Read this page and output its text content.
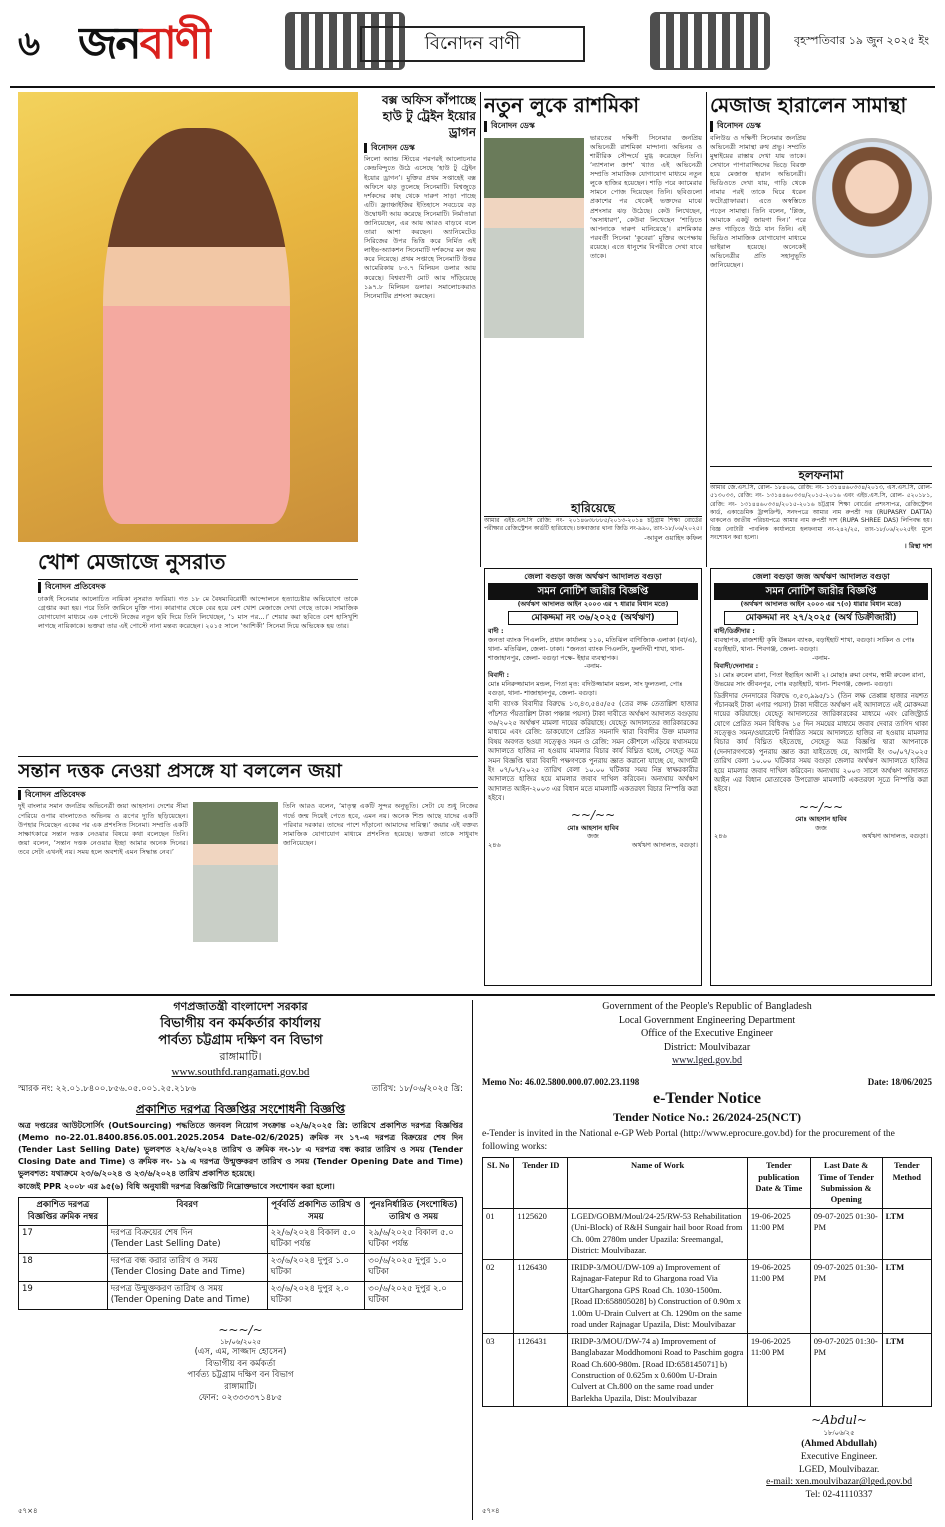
৬ জনবাণী	বিনোদন বাণী	বৃহস্পতিবার ১৯ জুন ২০২৫ ইং
খোশ মেজাজে নুসরাত
বিনোদন প্রতিবেদক
ঢাকাই সিনেমার আলোচিত নায়িকা নুসরাত ফারিয়া। গত ১৮ মে বৈষম্যবিরোধী আন্দোলনে হত্যাচেষ্টার অভিযোগে তাকে গ্রেপ্তার করা হয়। পরে তিনি জামিনে মুক্তি পান। কারাগার থেকে বের হয়ে বেশ খোশ মেজাজে দেখা গেছে তাকে। সামাজিক যোগাযোগ মাধ্যমে এক পোস্টে নিজের নতুন ছবি দিয়ে তিনি লিখেছেন, ‘১ মাস পর...।’ শেয়ার করা ছবিতে বেশ হাসিখুশি লাগছে নায়িকাকে। ভক্তরা তার এই পোস্টে নানা মন্তব্য করেছেন। ২০১৫ সালে ‘আশিকী’ সিনেমা দিয়ে অভিষেক হয় তার।
বক্স অফিস কাঁপাচ্ছে হাউ টু ট্রেইন ইয়োর ড্রাগন
বিনোদন ডেস্ক
লিলো অ্যান্ড স্টিচের পরপরই আলোচনার কেন্দ্রবিন্দুতে উঠে এসেছে ‘হাউ টু ট্রেইন ইয়োর ড্রাগন’। মুক্তির প্রথম সপ্তাহেই বক্স অফিসে ঝড় তুলেছে সিনেমাটি। বিশ্বজুড়ে দর্শকদের কাছ থেকে দারুণ সাড়া পাচ্ছে এটি। ফ্র্যাঞ্চাইজির ইতিহাসে সবচেয়ে বড় উদ্বোধনী আয় করেছে সিনেমাটি। নির্মাতারা জানিয়েছেন, এর আয় আরও বাড়বে বলে তারা আশা করছেন। অ্যানিমেটেড সিরিজের উপর ভিত্তি করে নির্মিত এই লাইভ-অ্যাকশন সিনেমাটি দর্শকদের মন জয় করে নিয়েছে। প্রথম সপ্তাহে সিনেমাটি উত্তর আমেরিকায় ৮৩.৭ মিলিয়ন ডলার আয় করেছে। বিশ্বব্যাপী মোট আয় দাঁড়িয়েছে ১৯৭.৮ মিলিয়ন ডলার। সমালোচকরাও সিনেমাটির প্রশংসা করছেন।
নতুন লুকে রাশমিকা
বিনোদন ডেস্ক
ভারতের দক্ষিণী সিনেমার জনপ্রিয় অভিনেত্রী রাশমিকা মান্দানা। অভিনয় ও শারীরিক সৌন্দর্যে মুগ্ধ করেছেন তিনি। ‘ন্যাশনাল ক্রাশ’ খ্যাত এই অভিনেত্রী সম্প্রতি সামাজিক যোগাযোগ মাধ্যমে নতুন লুকে হাজির হয়েছেন। শাড়ি পরে ক্যামেরার সামনে পোজ দিয়েছেন তিনি। ছবিগুলো প্রকাশের পর থেকেই ভক্তদের মাঝে প্রশংসার ঝড় উঠেছে। কেউ লিখেছেন, ‘অসাধারণ’, কেউবা লিখেছেন ‘শাড়িতে আপনাকে দারুণ মানিয়েছে’। রাশমিকার পরবর্তী সিনেমা ‘কুবেরা’ মুক্তির অপেক্ষায় রয়েছে। এতে ধানুশের বিপরীতে দেখা যাবে তাকে।
মেজাজ হারালেন সামান্থা
বিনোদন ডেস্ক
বলিউড ও দক্ষিণী সিনেমার জনপ্রিয় অভিনেত্রী সামান্থা রুথ প্রভু। সম্প্রতি মুম্বাইয়ের রাস্তায় দেখা যায় তাকে। সেখানে পাপারাজ্জিদের ভিড়ে বিরক্ত হয়ে মেজাজ হারান অভিনেত্রী। ভিডিওতে দেখা যায়, গাড়ি থেকে নামার পরই তাকে ঘিরে ধরেন ফটোগ্রাফাররা। এতে অস্বস্তিতে পড়েন সামান্থা। তিনি বলেন, ‘প্লিজ, আমাকে একটু জায়গা দিন।’ পরে দ্রুত গাড়িতে উঠে যান তিনি। এই ভিডিও সামাজিক যোগাযোগ মাধ্যমে ভাইরাল হয়েছে। অনেকেই অভিনেত্রীর প্রতি সহানুভূতি জানিয়েছেন।
হলফনামা
আমার জে.এস.সি, রোল- ১৮৪০৬, রেজি: নং- ১৩১৪৪৬০৩৩৪/২০১৩, এস.এস.সি, রোল- ৫১৩০৩৩, রেজি: নং- ১৩১৪৪৬০৩৩৪/২০১৫-২০১৬ এবং এইচ.এস.সি, রোল- ৫২০১৮১, রেজি: নং- ১৩১৪৪৬০৩৩৪/২০১৫-২০১৬ চট্টগ্রাম শিক্ষা বোর্ডের প্রশংসাপত্র, রেজিস্ট্রেশন কার্ড, একাডেমিক ট্রান্সক্রিপ্ট, সনদপত্রে আমার নাম রুপশ্রী দত্ত (RUPASRY DATTA) থাকলেও জাতীয় পরিচয়পত্রে আমার নাম রুপশ্রী দাশ (RUPA SHREE DAS) লিপিবদ্ধ হয়। বিজ্ঞ নোটারী পাবলিক কার্যালয়ে হলফনামা নং-২৪২/২৫, তাং-১৮/০৬/২০২৫ইং মূলে সংশোধন করা হলো।
। রিস্থা দাশ
হারিয়েছে
আমার এইচ.এস.সি রেজি: নং- ২০১৪৬৩৮৮৮৫/২০১৩-২০১৪ চট্টগ্রাম শিক্ষা বোর্ডের পরীক্ষার রেজিস্ট্রেশন কার্ডটি হারিয়েছে। চকবাজার থানা জিডি নং-৯৯০, তাং-১৮/০৬/২০২৫।
-আবুল ওয়াহিদ কফিল
জেলা বগুড়া জজ অর্থঋণ আদালত বগুড়া
সমন নোটিশ জারীর বিজ্ঞপ্তি
(অর্থঋণ আদালত আইন ২০০৩ এর ৭ ধারার বিধান মতে)
মোকদ্দমা নং ৩৬/২০২৫ (অর্থঋণ)
বাদী :
জনতা ব্যাংক পিএলসি, প্রধান কার্যালয় ১১০, মতিঝিল বাণিজ্যিক এলাকা (বা/এ), থানা- মতিঝিল, জেলা- ঢাকা। “জনতা ব্যাংক পিএলসি, ফুলদিঘী শাখা, থানা- শাজাহানপুর, জেলা- বগুড়া পক্ষে- ইহার ব্যবস্থাপক।
-বনাম-
বিবাদী :
মোঃ মনিরুজ্জামান মন্ডল, পিতা মৃত: বদিউজ্জামান মন্ডল, সাং ফুলতলা, পোঃ বগুড়া, থানা- শাজাহানপুর, জেলা- বগুড়া।
বাদী ব্যাংক বিবাদীর বিরুদ্ধে ১৩,৪৩,৫৪৫/৫৫ (তের লক্ষ তেতাল্লিশ হাজার পাঁচশত পঁয়তাল্লিশ টাকা পঞ্চান্ন পয়সা) টাকা দাবীতে অর্থঋণ আদালত বগুড়ায় ৩৬/২০২৫ অর্থঋণ মামলা দায়ের করিয়াছে। যেহেতু আদালতের জারিকারকের মাধ্যমে এবং রেজি: ডাকযোগে প্রেরিত সমনাদি দ্বারা বিবাদীর উক্ত মামলার বিষয় অবগত হওয়া সত্ত্বেও সমন ও রেজি: সমন কৌশলে এড়িয়ে যথাসময়ে আদালতে হাজির না হওয়ায় মামলার বিচার কার্য বিঘ্নিত হচ্ছে, সেহেতু অত্র সমন বিজ্ঞপ্তি দ্বারা বিবাদী পক্ষগণকে পুনরায় জ্ঞাত করানো যাচ্ছে যে, আগামী ইং ০৭/০৭/২০২৫ তারিখ বেলা ১০.০০ ঘটিকার সময় নিম্ন স্বাক্ষরকারীর আদালতে হাজির হয়ে মামলার জবাব দাখিল করিবেন। অন্যথায় অর্থঋণ আদালত আইন-২০০৩ এর বিধান মতে মামলাটি একতরফা বিচার নিস্পত্তি করা হইবে।
~~/~~
মোঃ আহসান হাবিব
জজ
২৪৬	অর্থঋণ আদালত, বগুড়া।
জেলা বগুড়া জজ অর্থঋণ আদালত বগুড়া
সমন নোটিশ জারীর বিজ্ঞপ্তি
(অর্থঋণ আদালত আইন ২০০৩ এর ৭(৩) ধারার বিধান মতে)
মোকদ্দমা নং ২৭/২০২৫ (অর্থ ডিক্রীজারী)
বাদী/ডিক্রীদার :
ব্যবস্থাপক, রাজশাহী কৃষি উন্নয়ন ব্যাংক, বড়াইহাট শাখা, বগুড়া। সাকিন ও পোঃ বড়াইহাট, থানা- শিবগঞ্জ, জেলা- বগুড়া।
-বনাম-
বিবাদী/দেনাদার :
১। মোঃ রুবেল রানা, পিতা ইছাহিন আলী ২। মোছাঃ রুমা বেগম, স্বামী রুবেল রানা, উভয়ের সাং জীবনপুর, পোঃ বড়াইহাট, থানা- শিবগঞ্জ, জেলা- বগুড়া।
ডিক্রীদার দেনদারের বিরুদ্ধে ৩,৫৩,৯৯৫/১১ (তিন লক্ষ তেপ্পান্ন হাজার নয়শত পঁচানব্বই টাকা এগার পয়সা) টাকা দাবীতে অর্থঋণ এই আদালতে এই মোকদ্দমা দায়ের করিয়াছে। যেহেতু আদালতের জারিকারকের মাধ্যমে এবং রেজিস্ট্রার্ড যোগে প্রেরিত সমন বিধিবদ্ধ ১৫ দিন সময়ের মাধ্যমে জবাব দেবার তাগিদ থাকা সত্ত্বেও সমন/ওয়ারেন্টে নির্ধারিত সময়ে আদালতে হাজির না হওয়ায় মামলার বিচার কার্য বিঘ্নিত হইতেছে, সেহেতু অত্র বিজ্ঞপ্তি দ্বারা আপনাকে (দেনদারগণকে) পুনরায় জ্ঞাত করা যাইতেছে যে, আগামী ইং ৩০/০৭/২০২৫ তারিখ বেলা ১০.০০ ঘটিকার সময় বগুড়া জেলার অর্থঋণ আদালতে হাজির হয়ে মামলার জবাব দাখিল করিবেন। অন্যথায় ২০০৩ সালে অর্থঋণ আদালত আইন এর বিধান মোতাবেক উপরোক্ত মামলাটি একতরফা সূত্রে নিস্পত্তি করা হইবে।
~~/~~
মোঃ আহসান হাবিব
জজ
২৪৬	অর্থঋণ আদালত, বগুড়া।
সন্তান দত্তক নেওয়া প্রসঙ্গে যা বললেন জয়া
বিনোদন প্রতিবেদক
দুই বাংলার সমান জনপ্রিয় অভিনেত্রী জয়া আহসান। দেশের সীমা পেরিয়ে ওপার বাংলাতেও অভিনয় ও রূপের দ্যুতি ছড়িয়েছেন। উপহার দিয়েছেন একের পর এক প্রশংসিত সিনেমা। সম্প্রতি একটি সাক্ষাৎকারে সন্তান দত্তক নেওয়ার বিষয়ে কথা বলেছেন তিনি। জয়া বলেন, ‘সন্তান দত্তক নেওয়ার ইচ্ছা আমার অনেক দিনের। তবে সেটা এখনই নয়। সময় হলে অবশ্যই এমন সিদ্ধান্ত নেব।’
তিনি আরও বলেন, ‘মাতৃত্ব একটি সুন্দর অনুভূতি। সেটা যে শুধু নিজের গর্ভে জন্ম দিয়েই পেতে হবে, এমন নয়। অনেক শিশু আছে যাদের একটি পরিবার দরকার। তাদের পাশে দাঁড়ানো আমাদের দায়িত্ব।’ জয়ার এই বক্তব্য সামাজিক যোগাযোগ মাধ্যমে প্রশংসিত হয়েছে। ভক্তরা তাকে সাধুবাদ জানিয়েছেন।
গণপ্রজাতন্ত্রী বাংলাদেশ সরকার
বিভাগীয় বন কর্মকর্তার কার্যালয়
পার্বত্য চট্টগ্রাম দক্ষিণ বন বিভাগ
রাঙ্গামাটি।
www.southfd.rangamati.gov.bd
স্মারক নং: ২২.০১.৮৪০০.৮৫৬.০৫.০০১.২৫.২১৮৬	তারিখ: ১৮/০৬/২০২৫ খ্রি:
প্রকাশিত দরপত্র বিজ্ঞপ্তির সংশোধনী বিজ্ঞপ্তি
অত্র দপ্তরের আউটসোর্সিং (OutSourcing) পদ্ধতিতে জনবল নিয়োগ সংক্রান্ত ০২/৬/২০২৫ খ্রি: তারিখে প্রকাশিত দরপত্র বিজ্ঞপ্তির (Memo no-22.01.8400.856.05.001.2025.2054 Date-02/6/2025) ক্রমিক নং ১৭-এ দরপত্র বিক্রয়ের শেষ দিন (Tender Last Selling Date) ভুলবশত ২২/৬/২০২৪ তারিখ ও ক্রমিক নং-১৮ এ দরপত্র বন্ধ করার তারিখ ও সময় (Tender Closing Date and Time) ও ক্রমিক নং- ১৯ এ দরপত্র উন্মুক্তকরণ তারিখ ও সময় (Tender Opening Date and Time) ভুলবশত: যথাক্রমে ২৩/৬/২০২৪ ও ২৩/৬/২০২৪ তারিখ প্রকাশিত হয়েছে।
কাজেই PPR ২০০৮ এর ৯৫(৬) বিধি অনুযায়ী দরপত্র বিজ্ঞপ্তিটি নিম্নোক্তভাবে সংশোধন করা হলো।
প্রকাশিত দরপত্র বিজ্ঞপ্তির ক্রমিক নম্বর	বিবরণ	পূর্ববর্তি প্রকাশিত তারিখ ও সময়	পুনঃনির্ধারিত (সংশোধিত) তারিখ ও সময়
17	দরপত্র বিক্রয়ের শেষ দিন
(Tender Last Selling Date)	২২/৬/২০২৪ বিকাল ৫.০ ঘটিকা পর্যন্ত	২৯/৬/২০২৫ বিকাল ৫.০ ঘটিকা পর্যন্ত
18	দরপত্র বন্ধ করার তারিখ ও সময়
(Tender Closing Date and Time)	২৩/৬/২০২৪ দুপুর ১.০ ঘটিকা	৩০/৬/২০২৫ দুপুর ১.০ ঘটিকা
19	দরপত্র উন্মুক্তকরণ তারিখ ও সময়
(Tender Opening Date and Time)	২৩/৬/২০২৪ দুপুর ২.০ ঘটিকা	৩০/৬/২০২৫ দুপুর ২.০ ঘটিকা
~~~/~
১৮/০৬/২০২৫
(এস, এম, সাজ্জাদ হোসেন)
বিভাগীয় বন কর্মকর্তা
পার্বত্য চট্টগ্রাম দক্ষিণ বন বিভাগ
রাঙ্গামাটি।
ফোন: ০২৩৩৩৩৭১৪৮৫
৫৭×৪
Government of the People's Republic of Bangladesh
Local Government Engineering Department
Office of the Executive Engineer
District: Moulvibazar
www.lged.gov.bd
Memo No: 46.02.5800.000.07.002.23.1198	Date: 18/06/2025
e-Tender Notice
Tender Notice No.: 26/2024-25(NCT)
e-Tender is invited in the National e-GP Web Portal (http://www.eprocure.gov.bd) for the procurement of the following works:
SL No	Tender ID	Name of Work	Tender publication Date & Time	Last Date & Time of Tender Submission & Opening	Tender Method
01	1125620	LGED/GOBM/Moul/24-25/RW-53 Rehabilitation (Uni-Block) of R&H Sungair hail boor Road from Ch. 00m 2780m under Upazila: Sreemangal, District: Moulvibazar.	19-06-2025 11:00 PM	09-07-2025 01:30-PM	LTM
02	1126430	IRIDP-3/MOU/DW-109 a) Improvement of Rajnagar-Fatepur Rd to Ghargona road Via UttarGhargona GPS Road Ch. 1030-1500m. [Road ID:658805028] b) Construction of 0.90m x 1.00m U-Drain Culvert at Ch. 1290m on the same road under Rajnagar Upazila, Dist: Moulvibazar	19-06-2025 11:00 PM	09-07-2025 01:30-PM	LTM
03	1126431	IRIDP-3/MOU/DW-74 a) Improvement of Banglabazar Moddhomoni Road to Paschim gogra Road Ch.600-980m. [Road ID:658145071] b) Construction of 0.625m x 0.600m U-Drain Culvert at Ch.800 on the same road under Barlekha Upazila, Dist: Moulvibazar	19-06-2025 11:00 PM	09-07-2025 01:30-PM	LTM
~Abdul~
১৮/০৬/২৫
(Ahmed Abdullah)
Executive Engineer.
LGED, Moulvibazar.
e-mail: xen.moulvibazar@lged.gov.bd
Tel: 02-41110337
৫৭×৪
